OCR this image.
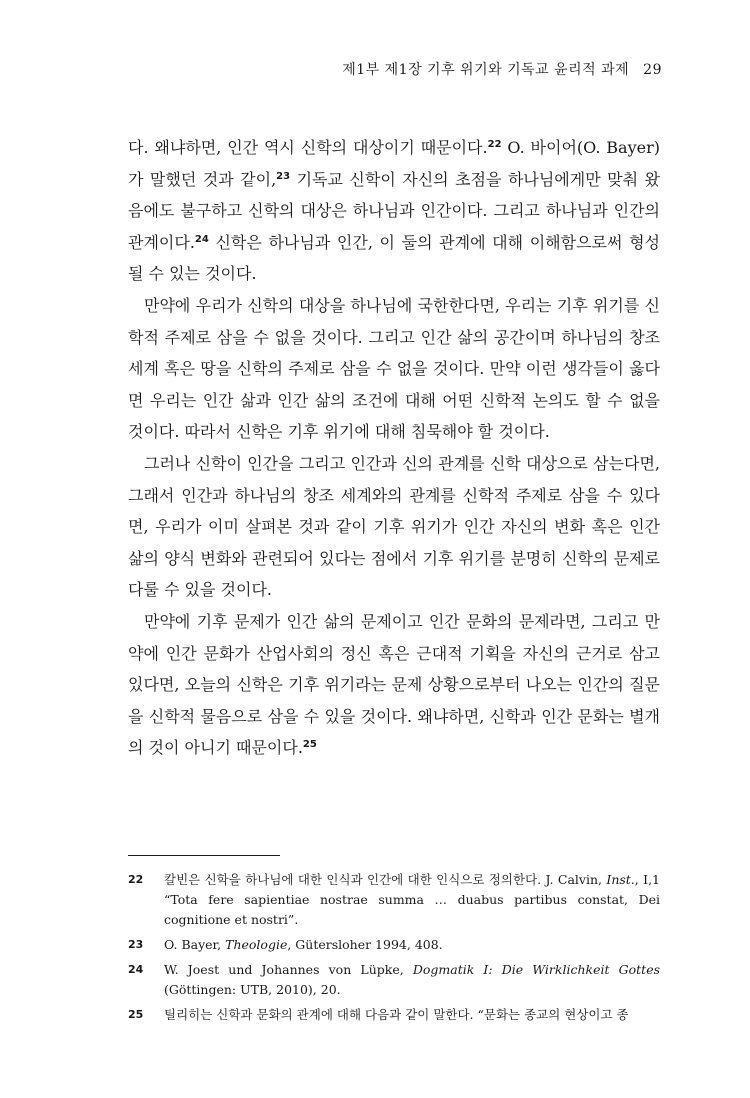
제1부 제1장 기후 위기와 기독교 윤리적 과제 29

다. 왜냐하면, 인간 역시 신학의 대상이기 때문이다.$^{22}$ O. 바이어(O. Bayer)가 말했던 것과 같이,$^{23}$ 기독교 신학이 자신의 초점을 하나님에게만 맞춰 왔음에도 불구하고 신학의 대상은 하나님과 인간이다. 그리고 하나님과 인간의 관계이다.$^{24}$ 신학은 하나님과 인간, 이 둘의 관계에 대해 이해함으로써 형성될 수 있는 것이다.

만약에 우리가 신학의 대상을 하나님에 국한한다면, 우리는 기후 위기를 신학적 주제로 삼을 수 없을 것이다. 그리고 인간 삶의 공간이며 하나님의 창조 세계 혹은 땅을 신학의 주제로 삼을 수 없을 것이다. 만약 이런 생각들이 옳다면 우리는 인간 삶과 인간 삶의 조건에 대해 어떤 신학적 논의도 할 수 없을 것이다. 따라서 신학은 기후 위기에 대해 침묵해야 할 것이다.

그러나 신학이 인간을 그리고 인간과 신의 관계를 신학 대상으로 삼는다면, 그래서 인간과 하나님의 창조 세계와의 관계를 신학적 주제로 삼을 수 있다면, 우리가 이미 살펴본 것과 같이 기후 위기가 인간 자신의 변화 혹은 인간 삶의 양식 변화와 관련되어 있다는 점에서 기후 위기를 분명히 신학의 문제로 다룰 수 있을 것이다.

만약에 기후 문제가 인간 삶의 문제이고 인간 문화의 문제라면, 그리고 만약에 인간 문화가 산업사회의 정신 혹은 근대적 기획을 자신의 근거로 삼고 있다면, 오늘의 신학은 기후 위기라는 문제 상황으로부터 나오는 인간의 질문을 신학적 물음으로 삼을 수 있을 것이다. 왜냐하면, 신학과 인간 문화는 별개의 것이 아니기 때문이다.$^{25}$

22	칼빈은 신학을 하나님에 대한 인식과 인간에 대한 인식으로 정의한다. J. Calvin, Inst., I,1 “Tota fere sapientiae nostrae summa … duabus partibus constat, Dei cognitione et nostri”.
23	O. Bayer, Theologie, Gütersloher 1994, 408.
24	W. Joest und Johannes von Lüpke, Dogmatik I: Die Wirklichkeit Gottes (Göttingen: UTB, 2010), 20.
25	틸리히는 신학과 문화의 관계에 대해 다음과 같이 말한다. “문화는 종교의 현상이고 종
